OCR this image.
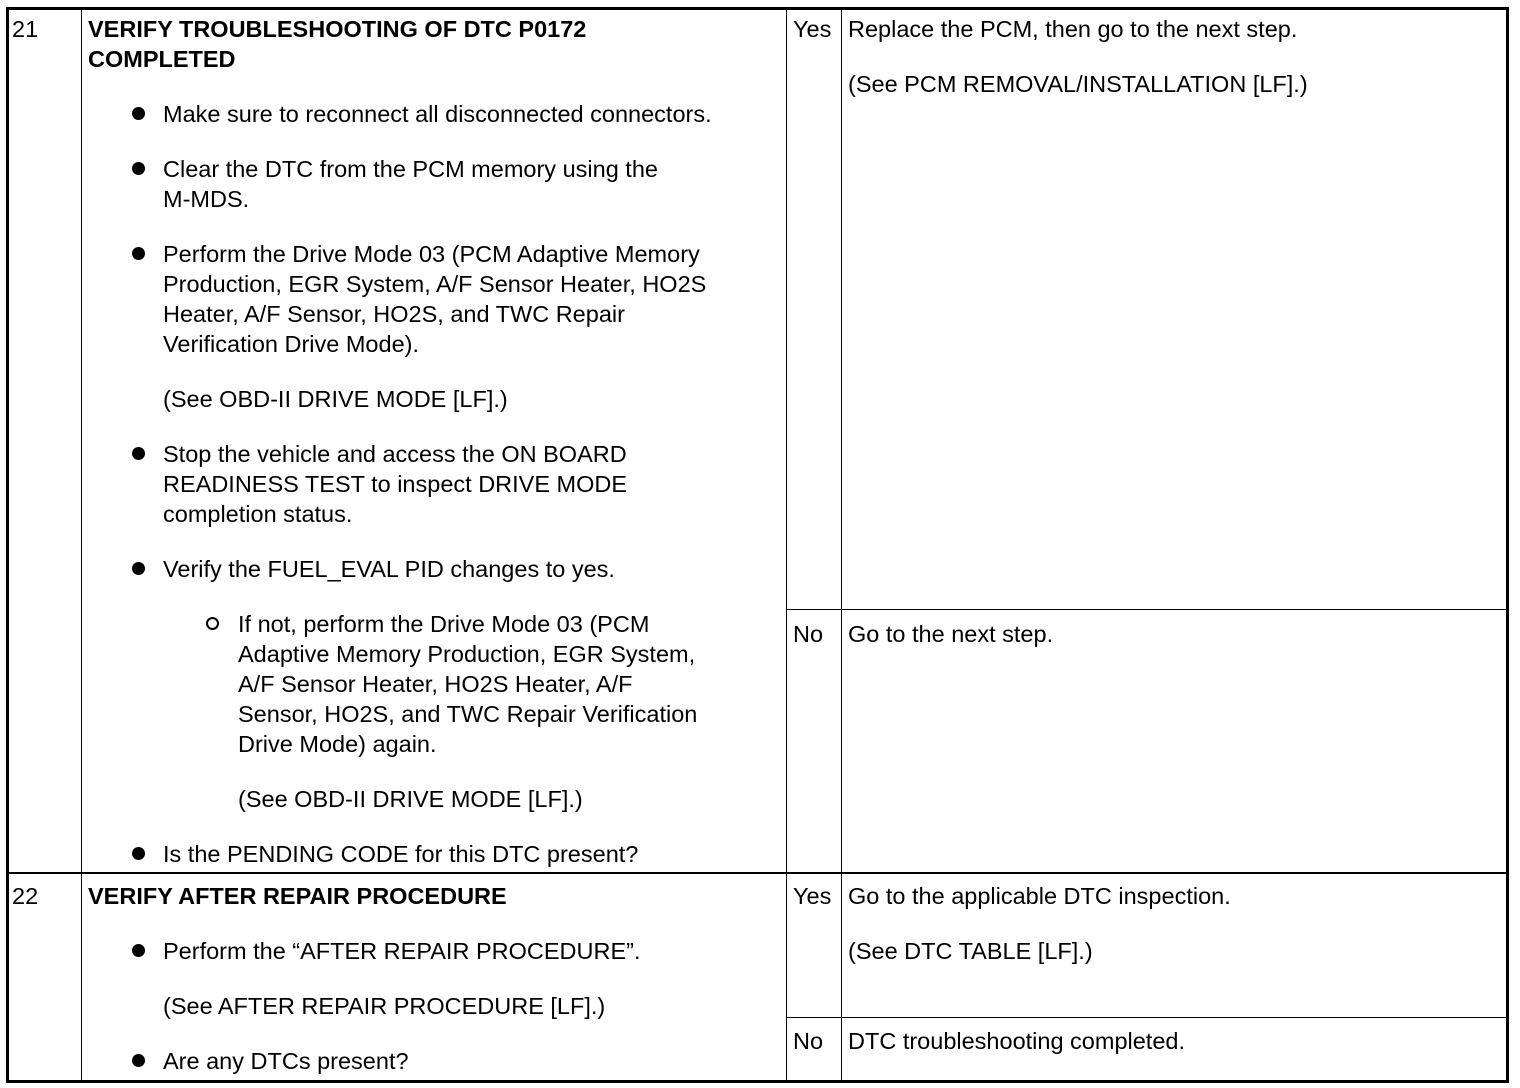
21 VERIFY TROUBLESHOOTING OF DTC P0172
COMPLETED
Make sure to reconnect all disconnected connectors.
Clear the DTC from the PCM memory using the
M-MDS.
Perform the Drive Mode 03 (PCM Adaptive Memory
Production, EGR System, A/F Sensor Heater, HO2S
Heater, A/F Sensor, HO2S, and TWC Repair
Verification Drive Mode).
(See OBD-II DRIVE MODE [LF].)
Stop the vehicle and access the ON BOARD
READINESS TEST to inspect DRIVE MODE
completion status.
Verify the FUEL_EVAL PID changes to yes.
If not, perform the Drive Mode 03 (PCM
Adaptive Memory Production, EGR System,
A/F Sensor Heater, HO2S Heater, A/F
Sensor, HO2S, and TWC Repair Verification
Drive Mode) again.
(See OBD-II DRIVE MODE [LF].)
Is the PENDING CODE for this DTC present?
Yes Replace the PCM, then go to the next step.
(See PCM REMOVAL/INSTALLATION [LF].)
No Go to the next step.
22 VERIFY AFTER REPAIR PROCEDURE
Perform the “AFTER REPAIR PROCEDURE”.
(See AFTER REPAIR PROCEDURE [LF].)
Are any DTCs present?
Yes Go to the applicable DTC inspection.
(See DTC TABLE [LF].)
No DTC troubleshooting completed.
